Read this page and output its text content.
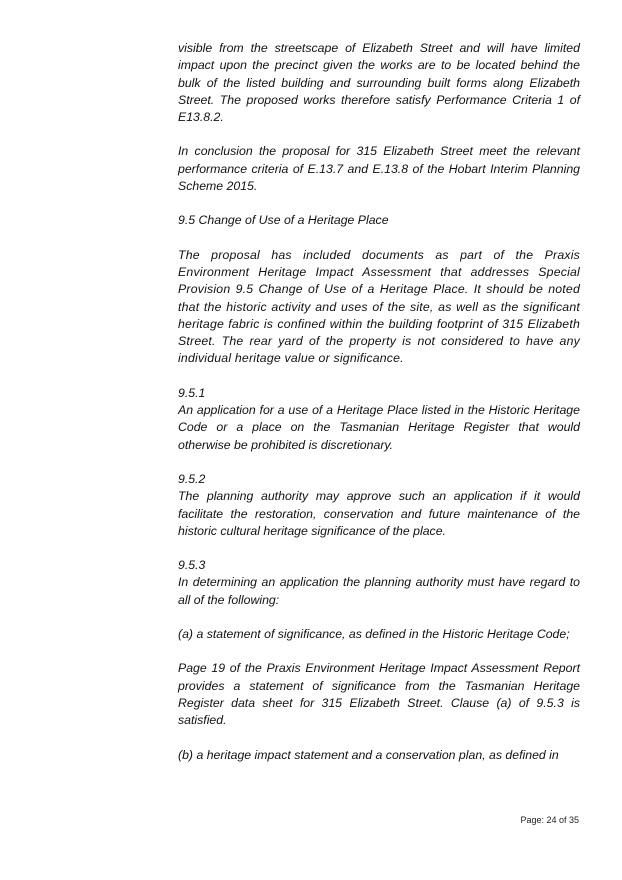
visible from the streetscape of Elizabeth Street and will have limited impact upon the precinct given the works are to be located behind the bulk of the listed building and surrounding built forms along Elizabeth Street. The proposed works therefore satisfy Performance Criteria 1 of E13.8.2.

In conclusion the proposal for 315 Elizabeth Street meet the relevant performance criteria of E.13.7 and E.13.8 of the Hobart Interim Planning Scheme 2015.

9.5 Change of Use of a Heritage Place

The proposal has included documents as part of the Praxis Environment Heritage Impact Assessment that addresses Special Provision 9.5 Change of Use of a Heritage Place. It should be noted that the historic activity and uses of the site, as well as the significant heritage fabric is confined within the building footprint of 315 Elizabeth Street. The rear yard of the property is not considered to have any individual heritage value or significance.

9.5.1

An application for a use of a Heritage Place listed in the Historic Heritage Code or a place on the Tasmanian Heritage Register that would otherwise be prohibited is discretionary.

9.5.2

The planning authority may approve such an application if it would facilitate the restoration, conservation and future maintenance of the historic cultural heritage significance of the place.

9.5.3

In determining an application the planning authority must have regard to all of the following:

(a) a statement of significance, as defined in the Historic Heritage Code;

Page 19 of the Praxis Environment Heritage Impact Assessment Report provides a statement of significance from the Tasmanian Heritage Register data sheet for 315 Elizabeth Street. Clause (a) of 9.5.3 is satisfied.

(b) a heritage impact statement and a conservation plan, as defined in

Page: 24 of 35
